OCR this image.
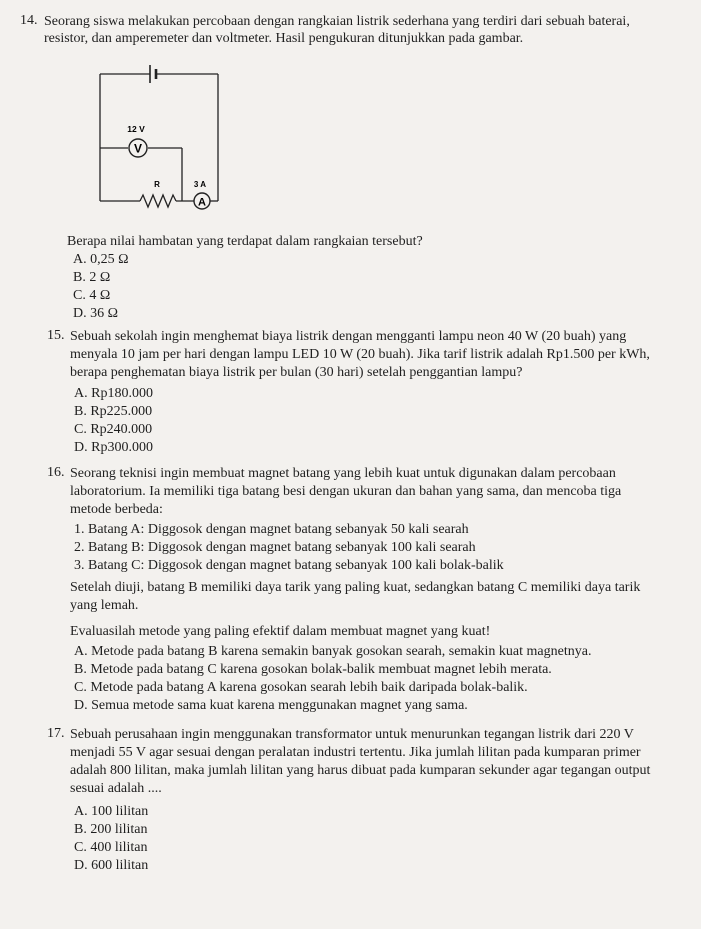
14. Seorang siswa melakukan percobaan dengan rangkaian listrik sederhana yang terdiri dari sebuah baterai,
resistor, dan amperemeter dan voltmeter. Hasil pengukuran ditunjukkan pada gambar.
V
A
12 V
R	3 A
Berapa nilai hambatan yang terdapat dalam rangkaian tersebut?
A. 0,25 Ω
B. 2 Ω
C. 4 Ω
D. 36 Ω
15. Sebuah sekolah ingin menghemat biaya listrik dengan mengganti lampu neon 40 W (20 buah) yang
menyala 10 jam per hari dengan lampu LED 10 W (20 buah). Jika tarif listrik adalah Rp1.500 per kWh,
berapa penghematan biaya listrik per bulan (30 hari) setelah penggantian lampu?
A. Rp180.000
B. Rp225.000
C. Rp240.000
D. Rp300.000
16. Seorang teknisi ingin membuat magnet batang yang lebih kuat untuk digunakan dalam percobaan
laboratorium. Ia memiliki tiga batang besi dengan ukuran dan bahan yang sama, dan mencoba tiga
metode berbeda:
1. Batang A: Diggosok dengan magnet batang sebanyak 50 kali searah
2. Batang B: Diggosok dengan magnet batang sebanyak 100 kali searah
3. Batang C: Diggosok dengan magnet batang sebanyak 100 kali bolak-balik
Setelah diuji, batang B memiliki daya tarik yang paling kuat, sedangkan batang C memiliki daya tarik
yang lemah.
Evaluasilah metode yang paling efektif dalam membuat magnet yang kuat!
A. Metode pada batang B karena semakin banyak gosokan searah, semakin kuat magnetnya.
B. Metode pada batang C karena gosokan bolak-balik membuat magnet lebih merata.
C. Metode pada batang A karena gosokan searah lebih baik daripada bolak-balik.
D. Semua metode sama kuat karena menggunakan magnet yang sama.
17. Sebuah perusahaan ingin menggunakan transformator untuk menurunkan tegangan listrik dari 220 V
menjadi 55 V agar sesuai dengan peralatan industri tertentu. Jika jumlah lilitan pada kumparan primer
adalah 800 lilitan, maka jumlah lilitan yang harus dibuat pada kumparan sekunder agar tegangan output
sesuai adalah ....
A. 100 lilitan
B. 200 lilitan
C. 400 lilitan
D. 600 lilitan
